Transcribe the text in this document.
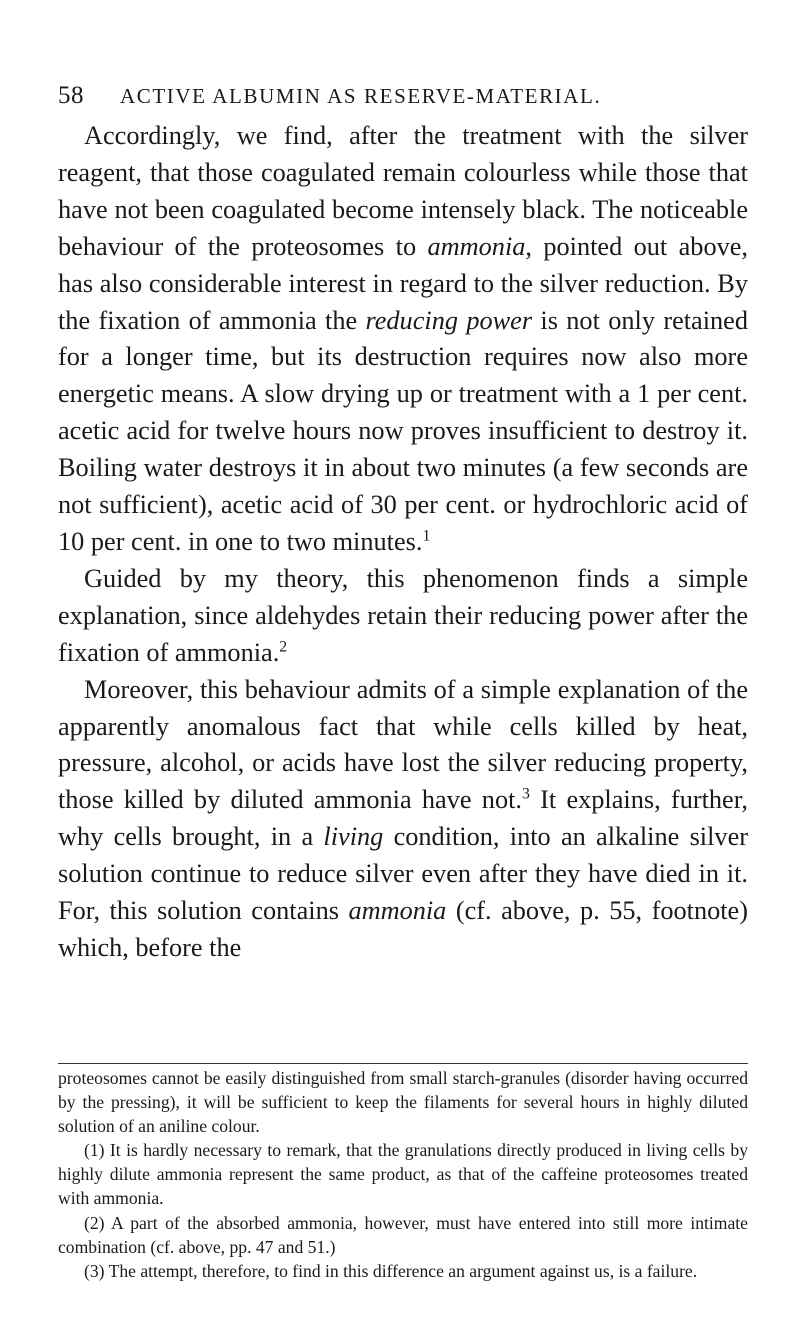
58 ACTIVE ALBUMIN AS RESERVE-MATERIAL.

Accordingly, we find, after the treatment with the silver reagent, that those coagulated remain colourless while those that have not been coagulated become intensely black. The noticeable behaviour of the proteosomes to ammonia, pointed out above, has also considerable interest in regard to the silver reduction. By the fixation of ammonia the reducing power is not only retained for a longer time, but its destruction requires now also more energetic means. A slow drying up or treatment with a 1 per cent. acetic acid for twelve hours now proves insufficient to destroy it. Boiling water destroys it in about two minutes (a few seconds are not sufficient), acetic acid of 30 per cent. or hydrochloric acid of 10 per cent. in one to two minutes.$^1$

Guided by my theory, this phenomenon finds a simple explanation, since aldehydes retain their reducing power after the fixation of ammonia.$^2$

Moreover, this behaviour admits of a simple explanation of the apparently anomalous fact that while cells killed by heat, pressure, alcohol, or acids have lost the silver reducing property, those killed by diluted ammonia have not.$^3$ It explains, further, why cells brought, in a living condition, into an alkaline silver solution continue to reduce silver even after they have died in it. For, this solution contains ammonia (cf. above, p. 55, footnote) which, before the

proteosomes cannot be easily distinguished from small starch-granules (disorder having occurred by the pressing), it will be sufficient to keep the filaments for several hours in highly diluted solution of an aniline colour.

(1) It is hardly necessary to remark, that the granulations directly produced in living cells by highly dilute ammonia represent the same product, as that of the caffeine proteosomes treated with ammonia.

(2) A part of the absorbed ammonia, however, must have entered into still more intimate combination (cf. above, pp. 47 and 51.)

(3) The attempt, therefore, to find in this difference an argument against us, is a failure.
